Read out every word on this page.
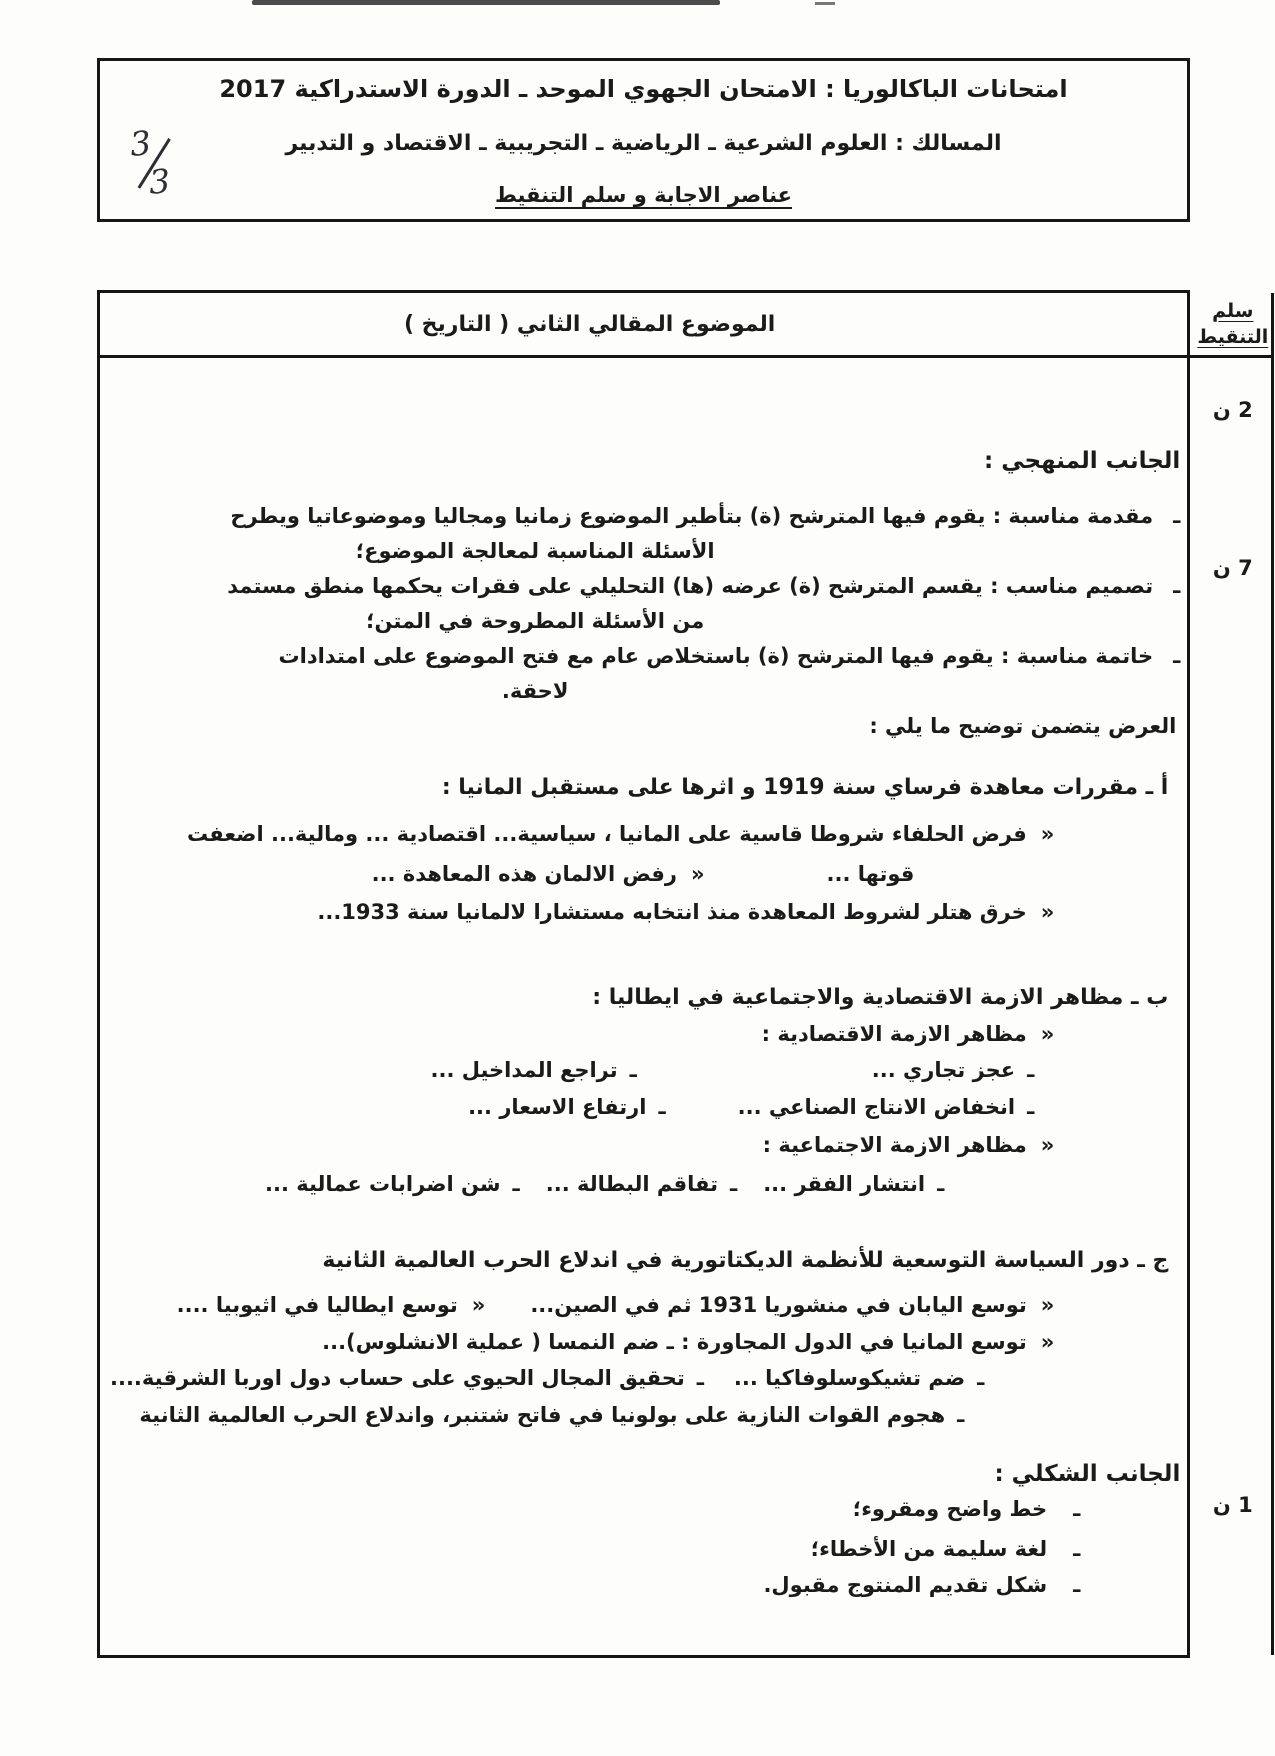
امتحانات الباكالوريا : الامتحان الجهوي الموحد ـ الدورة الاستدراكية 2017
المسالك : العلوم الشرعية ـ الرياضية ـ التجريبية ـ الاقتصاد و التدبير
عناصر الاجابة و سلم التنقيط
3
3
الموضوع المقالي الثاني ( التاريخ )
الجانب المنهجي :
ـ
مقدمة مناسبة : يقوم فيها المترشح (ة) بتأطير الموضوع زمانيا ومجاليا وموضوعاتيا ويطرح
الأسئلة المناسبة لمعالجة الموضوع؛
ـ
تصميم مناسب : يقسم المترشح (ة) عرضه (ها) التحليلي على فقرات يحكمها منطق مستمد
من الأسئلة المطروحة في المتن؛
ـ
خاتمة مناسبة : يقوم فيها المترشح (ة) باستخلاص عام مع فتح الموضوع على امتدادات
لاحقة.
العرض يتضمن توضيح ما يلي :
أ ـ مقررات معاهدة فرساي سنة 1919 و اثرها على مستقبل المانيا :
«
فرض الحلفاء شروطا قاسية على المانيا ، سياسية... اقتصادية ... ومالية... اضعفت
قوتها ...
«
رفض الالمان هذه المعاهدة ...
«
خرق هتلر لشروط المعاهدة منذ انتخابه مستشارا لالمانيا سنة 1933...
ب ـ مظاهر الازمة الاقتصادية والاجتماعية في ايطاليا :
«
مظاهر الازمة الاقتصادية :
ـ
عجز تجاري ...
ـ
تراجع المداخيل ...
ـ
انخفاض الانتاج الصناعي ...
ـ
ارتفاع الاسعار ...
«
مظاهر الازمة الاجتماعية :
ـ
انتشار الفقر ...
ـ
تفاقم البطالة ...
ـ
شن اضرابات عمالية ...
ج ـ دور السياسة التوسعية للأنظمة الديكتاتورية في اندلاع الحرب العالمية الثانية
«
توسع اليابان في منشوريا 1931 ثم في الصين...
«
توسع ايطاليا في اثيوبيا ....
«
توسع المانيا في الدول المجاورة : ـ ضم النمسا ( عملية الانشلوس)...
ـ
ضم تشيكوسلوفاكيا ...
ـ
تحقيق المجال الحيوي على حساب دول اوربا الشرقية....
ـ
هجوم القوات النازية على بولونيا في فاتح شتنبر، واندلاع الحرب العالمية الثانية
الجانب الشكلي :
ـ
خط واضح ومقروء؛
ـ
لغة سليمة من الأخطاء؛
ـ
شكل تقديم المنتوج مقبول.
سلم
التنقيط
2 ن
7 ن
1 ن
